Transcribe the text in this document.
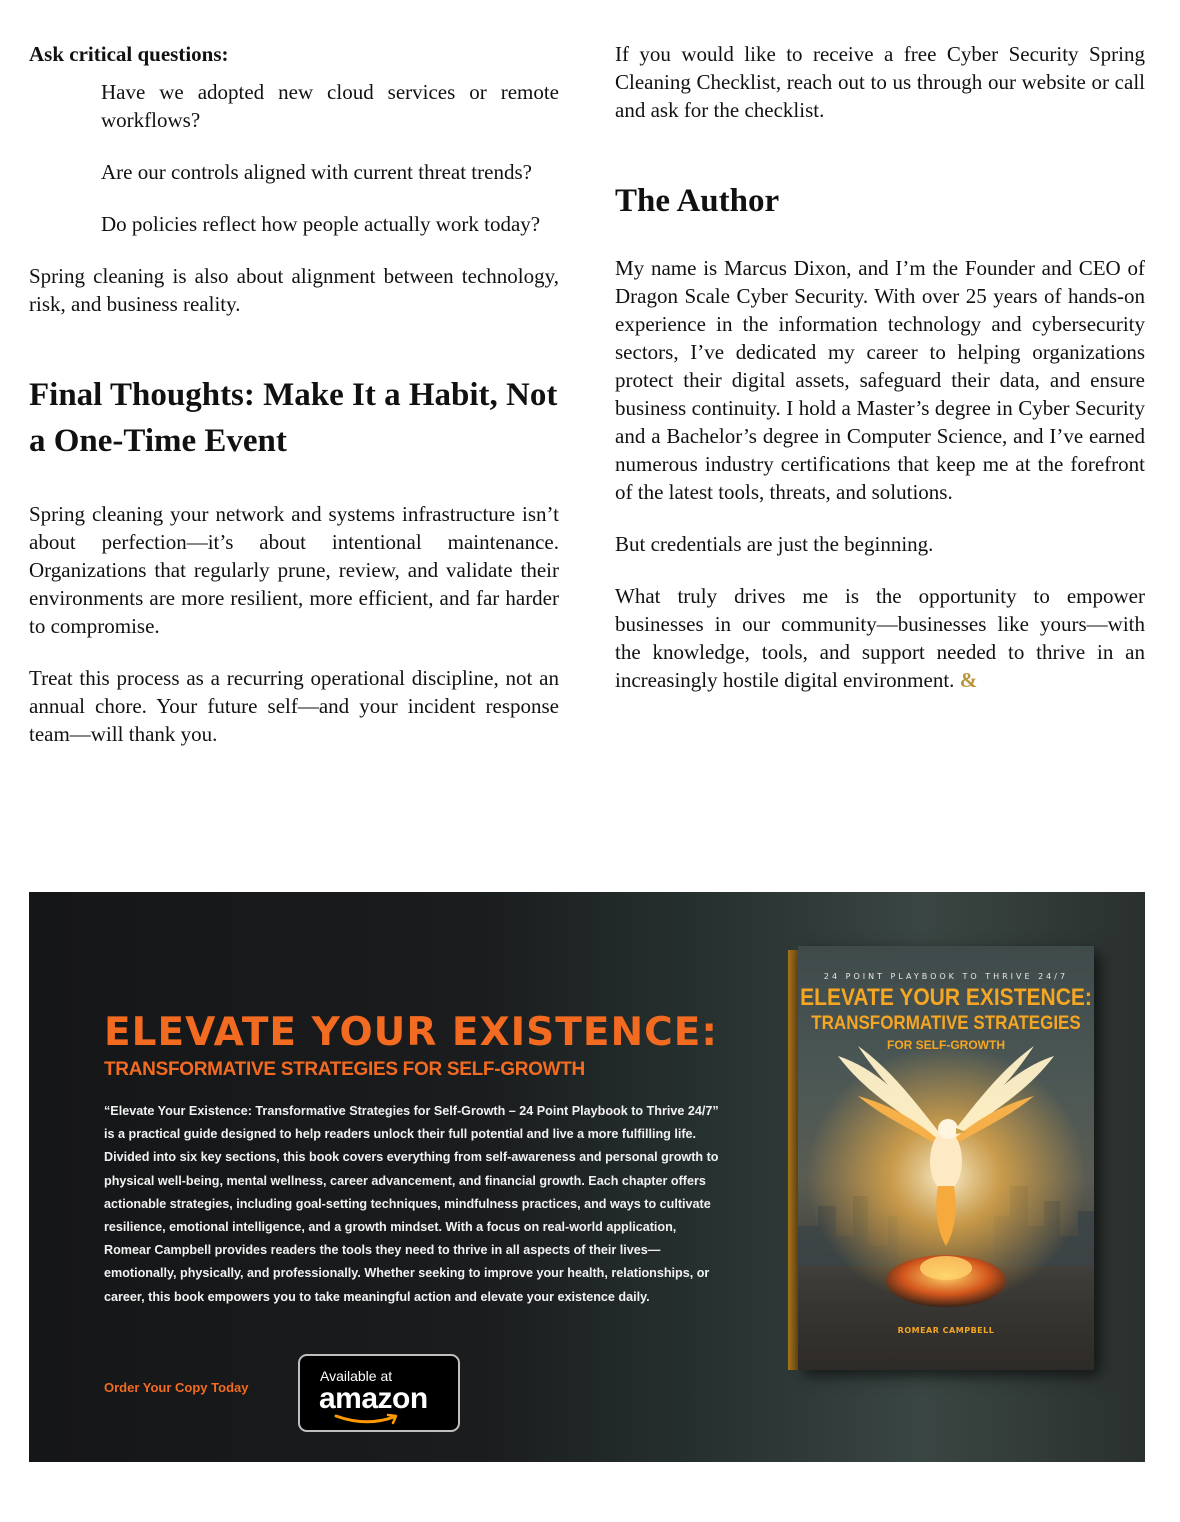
Ask critical questions:

Have we adopted new cloud services or remote workflows?
Are our controls aligned with current threat trends?
Do policies reflect how people actually work today?

Spring cleaning is also about alignment between technology, risk, and business reality.

Final Thoughts: Make It a Habit, Not a One-Time Event

Spring cleaning your network and systems infrastructure isn’t about perfection—it’s about intentional maintenance. Organizations that regularly prune, review, and validate their environments are more resilient, more efficient, and far harder to compromise.

Treat this process as a recurring operational discipline, not an annual chore. Your future self—and your incident response team—will thank you.

If you would like to receive a free Cyber Security Spring Cleaning Checklist, reach out to us through our website or call and ask for the checklist.

The Author

My name is Marcus Dixon, and I’m the Founder and CEO of Dragon Scale Cyber Security. With over 25 years of hands-on experience in the information technology and cybersecurity sectors, I’ve dedicated my career to helping organizations protect their digital assets, safeguard their data, and ensure business continuity. I hold a Master’s degree in Cyber Security and a Bachelor’s degree in Computer Science, and I’ve earned numerous industry certifications that keep me at the forefront of the latest tools, threats, and solutions.

But credentials are just the beginning.

What truly drives me is the opportunity to empower businesses in our community—businesses like yours—with the knowledge, tools, and support needed to thrive in an increasingly hostile digital environment. &

ELEVATE YOUR EXISTENCE:
TRANSFORMATIVE STRATEGIES FOR SELF-GROWTH
“Elevate Your Existence: Transformative Strategies for Self-Growth – 24 Point Playbook to Thrive 24/7” is a practical guide designed to help readers unlock their full potential and live a more fulfilling life. Divided into six key sections, this book covers everything from self-awareness and personal growth to physical well-being, mental wellness, career advancement, and financial growth. Each chapter offers actionable strategies, including goal-setting techniques, mindfulness practices, and ways to cultivate resilience, emotional intelligence, and a growth mindset. With a focus on real-world application, Romear Campbell provides readers the tools they need to thrive in all aspects of their lives—emotionally, physically, and professionally. Whether seeking to improve your health, relationships, or career, this book empowers you to take meaningful action and elevate your existence daily.
Order Your Copy Today
Available at
amazon
24 POINT PLAYBOOK TO THRIVE 24/7
ELEVATE YOUR EXISTENCE:
TRANSFORMATIVE STRATEGIES
FOR SELF-GROWTH
ROMEAR CAMPBELL
